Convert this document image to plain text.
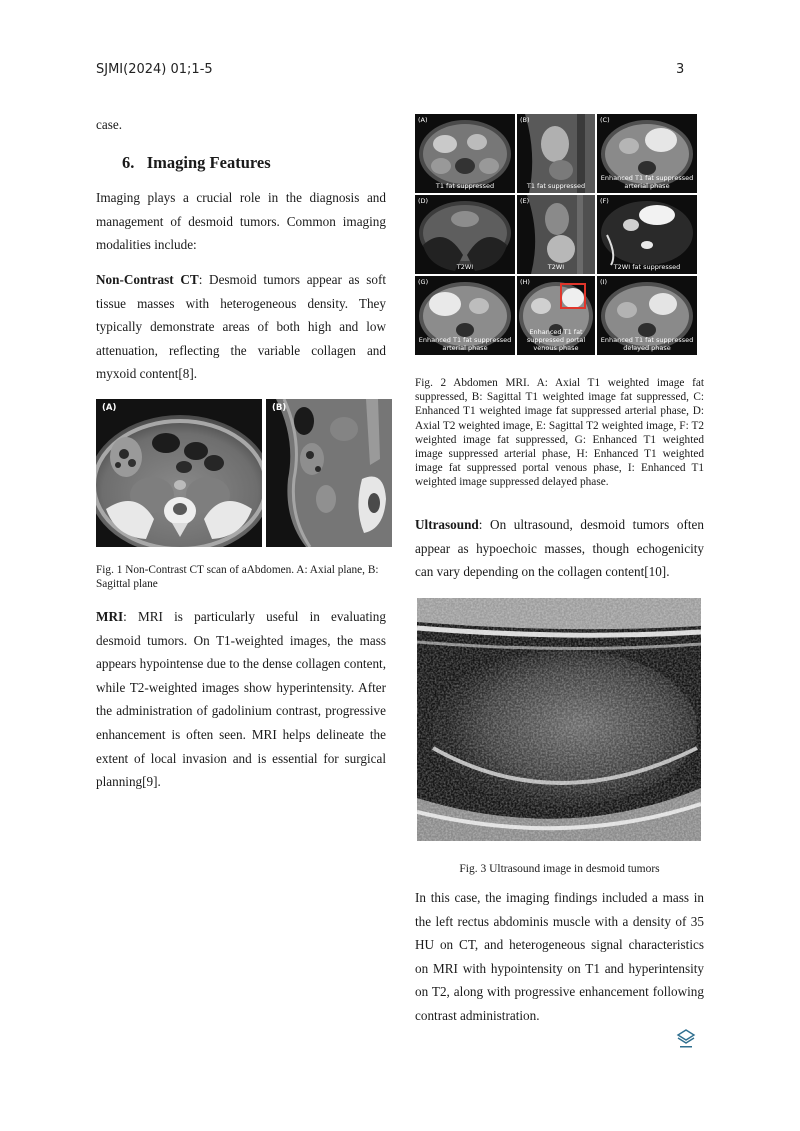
SJMI(2024) 01;1-5	3
case.
6. Imaging Features
Imaging plays a crucial role in the diagnosis and management of desmoid tumors. Common imaging modalities include:
Non-Contrast CT: Desmoid tumors appear as soft tissue masses with heterogeneous density. They typically demonstrate areas of both high and low attenuation, reflecting the variable collagen and myxoid content[8].
(A)	(B)
Fig. 1 Non-Contrast CT scan of aAbdomen. A: Axial plane, B: Sagittal plane
MRI: MRI is particularly useful in evaluating desmoid tumors. On T1-weighted images, the mass appears hypointense due to the dense collagen content, while T2-weighted images show hyperintensity. After the administration of gadolinium contrast, progressive enhancement is often seen. MRI helps delineate the extent of local invasion and is essential for surgical planning[9].
(A)
T1 fat suppressed
(B)
T1 fat suppressed
(C)
Enhanced T1 fat suppressed arterial phase
(D)
T2WI
(E)
T2WI
(F)
T2WI fat suppressed
(G)
Enhanced T1 fat suppressed arterial phase
(H)
Enhanced T1 fat suppressed portal venous phase
(I)
Enhanced T1 fat suppressed delayed phase
Fig. 2 Abdomen MRI. A: Axial T1 weighted image fat suppressed, B: Sagittal T1 weighted image fat suppressed, C: Enhanced T1 weighted image fat suppressed arterial phase, D: Axial T2 weighted image, E: Sagittal T2 weighted image, F: T2 weighted image fat suppressed, G: Enhanced T1 weighted image suppressed arterial phase, H: Enhanced T1 weighted image fat suppressed portal venous phase, I: Enhanced T1 weighted image suppressed delayed phase.
Ultrasound: On ultrasound, desmoid tumors often appear as hypoechoic masses, though echogenicity can vary depending on the collagen content[10].
Fig. 3 Ultrasound image in desmoid tumors
In this case, the imaging findings included a mass in the left rectus abdominis muscle with a density of 35 HU on CT, and heterogeneous signal characteristics on MRI with hypointensity on T1 and hyperintensity on T2, along with progressive enhancement following contrast administration.
